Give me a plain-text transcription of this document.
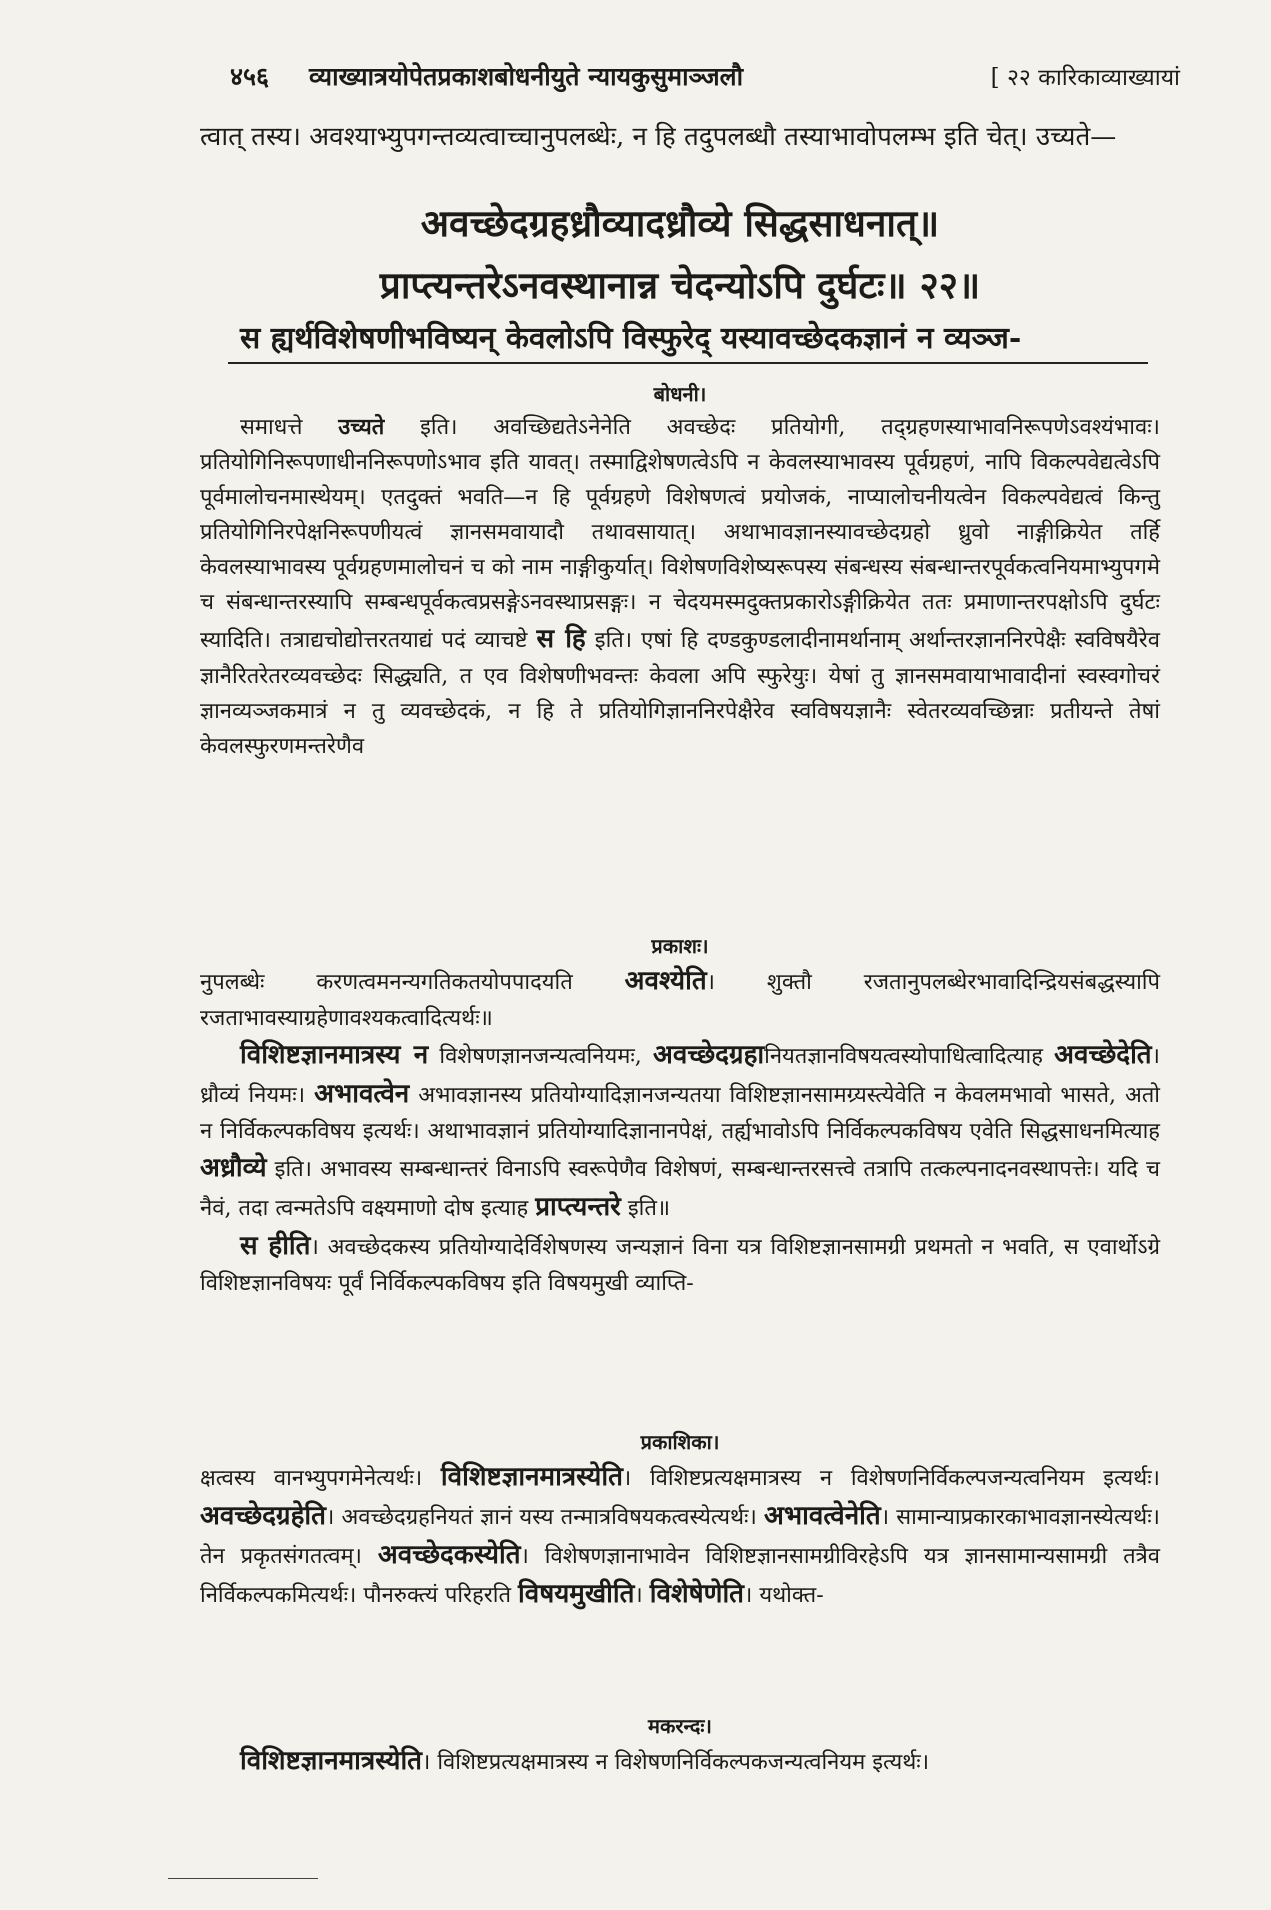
४५६ व्याख्यात्रयोपेतप्रकाशबोधनीयुते न्यायकुसुमाञ्जलौ	[ २२ कारिकाव्याख्यायां
त्वात् तस्य। अवश्याभ्युपगन्तव्यत्वाच्चानुपलब्धेः, न हि तदुपलब्धौ तस्याभावोपलम्भ इति चेत्। उच्यते—
अवच्छेदग्रहध्रौव्यादध्रौव्ये सिद्धसाधनात्॥
प्राप्त्यन्तरेऽनवस्थानान्न चेदन्योऽपि दुर्घटः॥ २२॥
स ह्यर्थविशेषणीभविष्यन् केवलोऽपि विस्फुरेद् यस्यावच्छेदकज्ञानं न व्यञ्ज-
बोधनी।
समाधत्ते उच्यते इति। अवच्छिद्यतेऽनेनेति अवच्छेदः प्रतियोगी, तद्ग्रहणस्याभावनिरूपणेऽवश्यंभावः। प्रतियोगिनिरूपणाधीननिरूपणोऽभाव इति यावत्। तस्माद्विशेषणत्वेऽपि न केवलस्याभावस्य पूर्वग्रहणं, नापि विकल्पवेद्यत्वेऽपि पूर्वमालोचनमास्थेयम्। एतदुक्तं भवति—न हि पूर्वग्रहणे विशेषणत्वं प्रयोजकं, नाप्यालोचनीयत्वेन विकल्पवेद्यत्वं किन्तु प्रतियोगिनिरपेक्षनिरूपणीयत्वं ज्ञानसमवायादौ तथावसायात्। अथाभावज्ञानस्यावच्छेदग्रहो ध्रुवो नाङ्गीक्रियेत तर्हि केवलस्याभावस्य पूर्वग्रहणमालोचनं च को नाम नाङ्गीकुर्यात्। विशेषणविशेष्यरूपस्य संबन्धस्य संबन्धान्तरपूर्वकत्वनियमाभ्युपगमे च संबन्धान्तरस्यापि सम्बन्धपूर्वकत्वप्रसङ्गेऽनवस्थाप्रसङ्गः। न चेदयमस्मदुक्तप्रकारोऽङ्गीक्रियेत ततः प्रमाणान्तरपक्षोऽपि दुर्घटः स्यादिति। तत्राद्यचोद्योत्तरतयाद्यं पदं व्याचष्टे स हि इति। एषां हि दण्डकुण्डलादीनामर्थानाम् अर्थान्तरज्ञाननिरपेक्षैः स्वविषयैरेव ज्ञानैरितरेतरव्यवच्छेदः सिद्ध्यति, त एव विशेषणीभवन्तः केवला अपि स्फुरेयुः। येषां तु ज्ञानसमवायाभावादीनां स्वस्वगोचरं ज्ञानव्यञ्जकमात्रं न तु व्यवच्छेदकं, न हि ते प्रतियोगिज्ञाननिरपेक्षैरेव स्वविषयज्ञानैः स्वेतरव्यवच्छिन्नाः प्रतीयन्ते तेषां केवलस्फुरणमन्तरेणैव
प्रकाशः।
नुपलब्धेः करणत्वमनन्यगतिकतयोपपादयति अवश्येति। शुक्तौ रजतानुपलब्धेरभावादिन्द्रियसंबद्धस्यापि रजताभावस्याग्रहेणावश्यकत्वादित्यर्थः॥
विशिष्टज्ञानमात्रस्य न विशेषणज्ञानजन्यत्वनियमः, अवच्छेदग्रहानियतज्ञानविषयत्वस्योपाधित्वादित्याह अवच्छेदेति। ध्रौव्यं नियमः। अभावत्वेन अभावज्ञानस्य प्रतियोग्यादिज्ञानजन्यतया विशिष्टज्ञानसामग्र्यस्त्येवेति न केवलमभावो भासते, अतो न निर्विकल्पकविषय इत्यर्थः। अथाभावज्ञानं प्रतियोग्यादिज्ञानानपेक्षं, तर्ह्यभावोऽपि निर्विकल्पकविषय एवेति सिद्धसाधनमित्याह अध्रौव्ये इति। अभावस्य सम्बन्धान्तरं विनाऽपि स्वरूपेणैव विशेषणं, सम्बन्धान्तरसत्त्वे तत्रापि तत्कल्पनादनवस्थापत्तेः। यदि च नैवं, तदा त्वन्मतेऽपि वक्ष्यमाणो दोष इत्याह प्राप्त्यन्तरे इति॥
स हीति। अवच्छेदकस्य प्रतियोग्यादेर्विशेषणस्य जन्यज्ञानं विना यत्र विशिष्टज्ञानसामग्री प्रथमतो न भवति, स एवार्थोऽग्रे विशिष्टज्ञानविषयः पूर्वं निर्विकल्पकविषय इति विषयमुखी व्याप्ति-
प्रकाशिका।
क्षत्वस्य वानभ्युपगमेनेत्यर्थः। विशिष्टज्ञानमात्रस्येति। विशिष्टप्रत्यक्षमात्रस्य न विशेषणनिर्विकल्पजन्यत्वनियम इत्यर्थः। अवच्छेदग्रहेति। अवच्छेदग्रहनियतं ज्ञानं यस्य तन्मात्रविषयकत्वस्येत्यर्थः। अभावत्वेनेति। सामान्याप्रकारकाभावज्ञानस्येत्यर्थः। तेन प्रकृतसंगतत्वम्। अवच्छेदकस्येति। विशेषणज्ञानाभावेन विशिष्टज्ञानसामग्रीविरहेऽपि यत्र ज्ञानसामान्यसामग्री तत्रैव निर्विकल्पकमित्यर्थः। पौनरुक्त्यं परिहरति विषयमुखीति। विशेषेणेति। यथोक्त-
मकरन्दः।
विशिष्टज्ञानमात्रस्येति। विशिष्टप्रत्यक्षमात्रस्य न विशेषणनिर्विकल्पकजन्यत्वनियम इत्यर्थः।
